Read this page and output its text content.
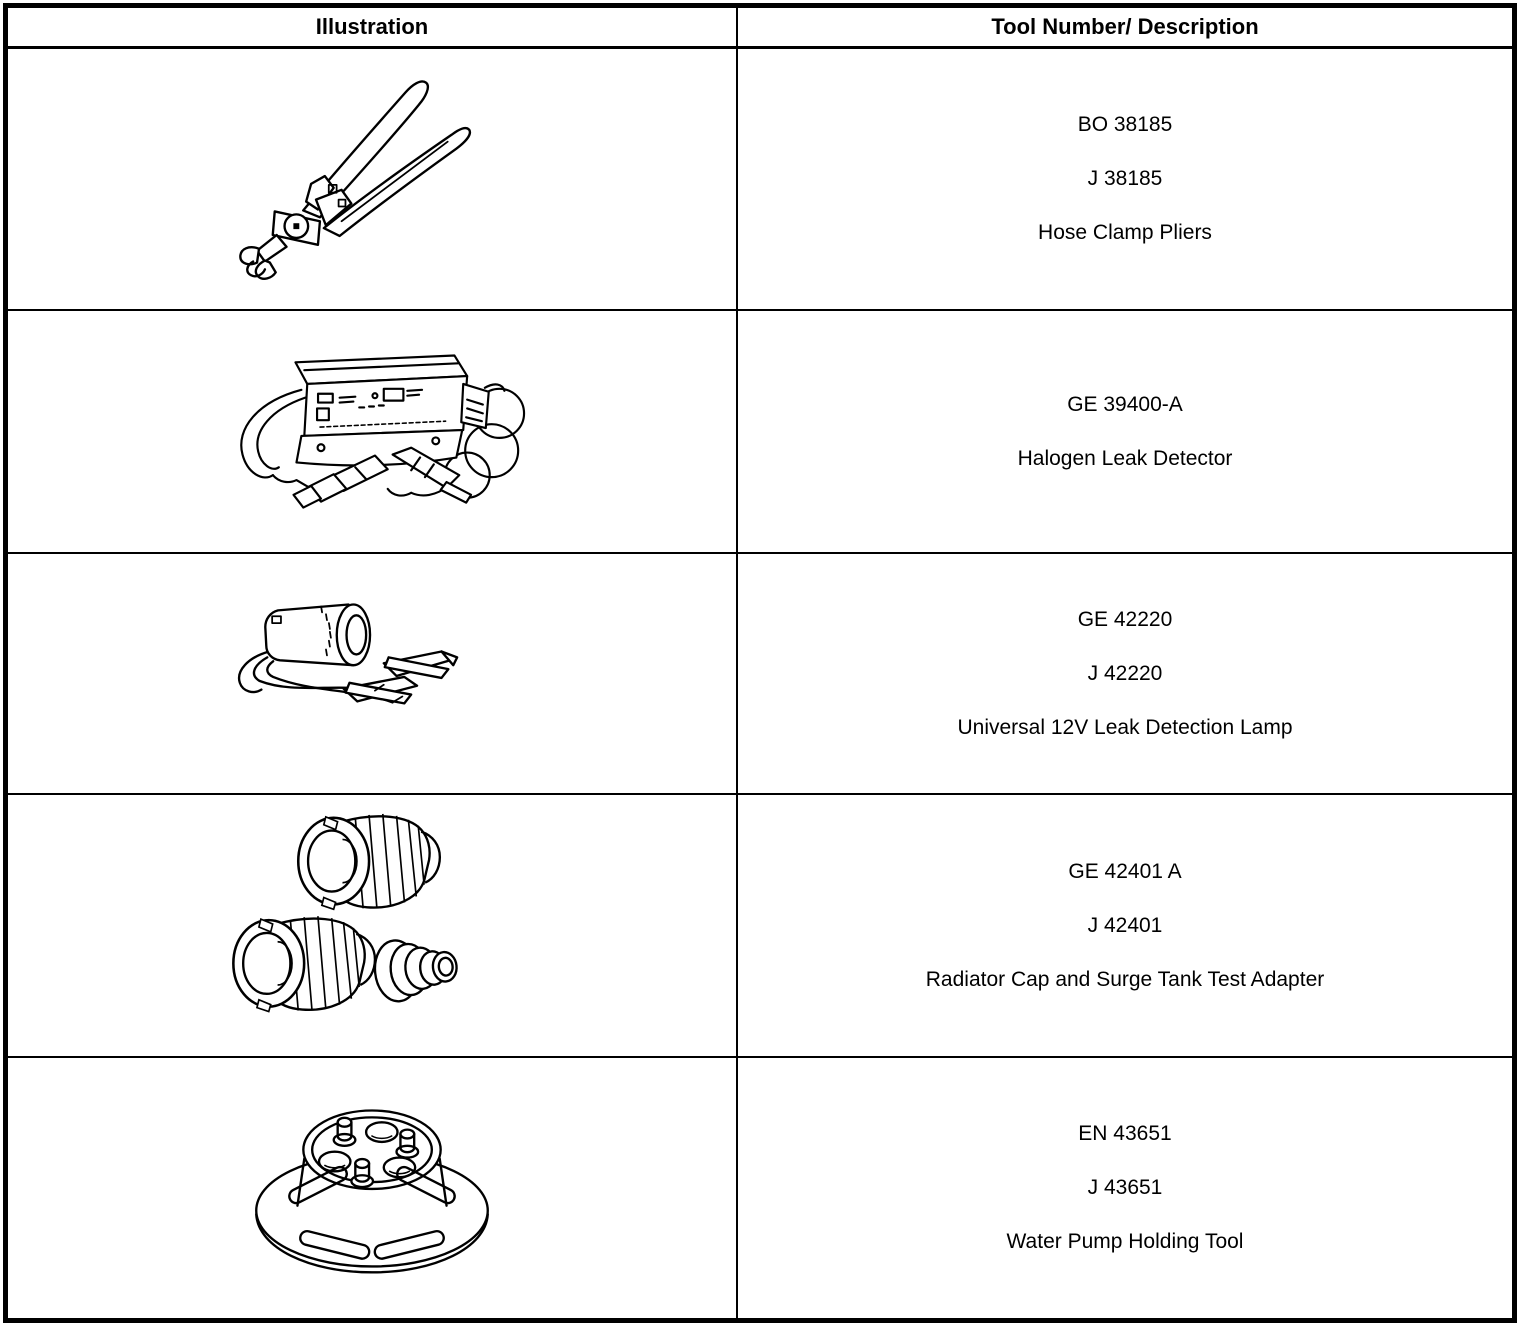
Illustration	Tool Number/ Description
BO 38185
J 38185
Hose Clamp Pliers
GE 39400-A
Halogen Leak Detector
GE 42220
J 42220
Universal 12V Leak Detection Lamp
GE 42401 A
J 42401
Radiator Cap and Surge Tank Test Adapter
EN 43651
J 43651
Water Pump Holding Tool
